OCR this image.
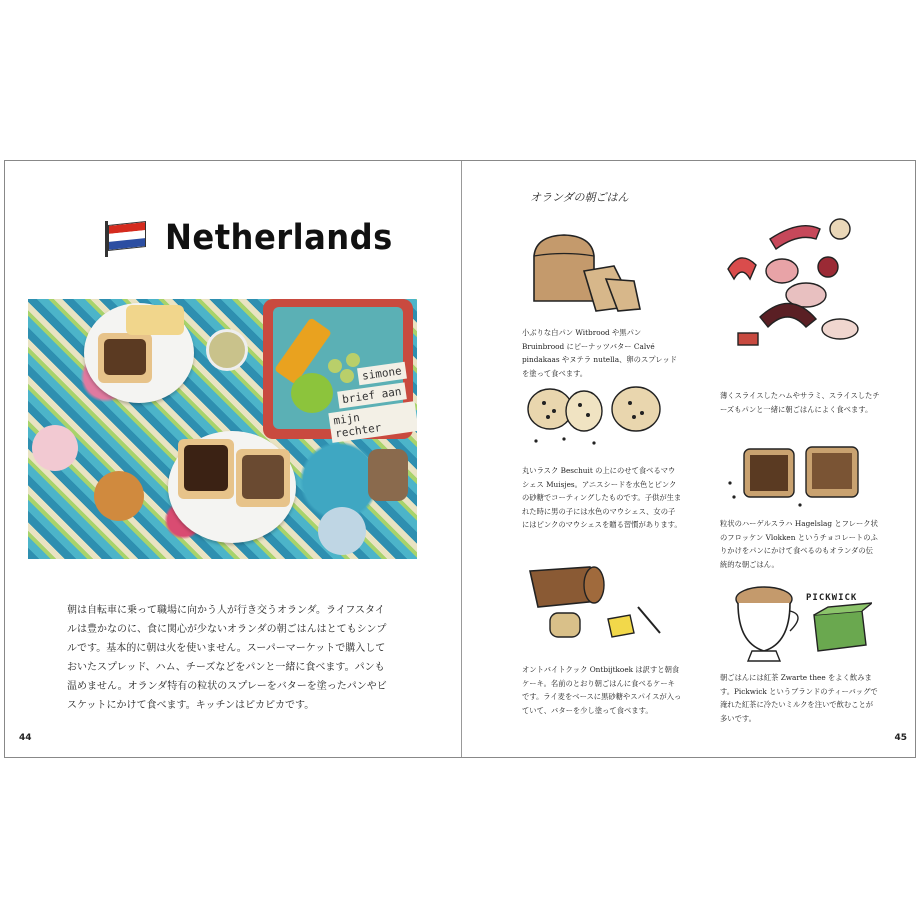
Netherlands
simone
brief aan
mijn rechter
朝は自転車に乗って職場に向かう人が行き交うオランダ。ライフスタイルは豊かなのに、食に関心が少ないオランダの朝ごはんはとてもシンプルです。基本的に朝は火を使いません。スーパーマーケットで購入しておいたスプレッド、ハム、チーズなどをパンと一緒に食べます。パンも温めません。オランダ特有の粒状のスプレーをバターを塗ったパンやビスケットにかけて食べます。キッチンはピカピカです。
44
オランダの朝ごはん
小ぶりな白パン Witbrood や黒パン Bruinbrood にピーナッツバター Calvé pindakaas やヌテラ nutella、卵のスプレッドを塗って食べます。
丸いラスク Beschuit の上にのせて食べるマウシェス Muisjes。アニスシードを水色とピンクの砂糖でコーティングしたものです。子供が生まれた時に男の子には水色のマウシェス、女の子にはピンクのマウシェスを贈る習慣があります。
オントバイトクック Ontbijtkoek は訳すと朝食ケーキ。名前のとおり朝ごはんに食べるケーキです。ライ麦をベースに黒砂糖やスパイスが入っていて、バターを少し塗って食べます。
薄くスライスしたハムやサラミ、スライスしたチーズもパンと一緒に朝ごはんによく食べます。
粒状のハーゲルスラハ Hagelslag とフレーク状のフロッケン Vlokken というチョコレートのふりかけをパンにかけて食べるのもオランダの伝統的な朝ごはん。
PICKWICK
朝ごはんには紅茶 Zwarte thee をよく飲みます。Pickwick というブランドのティーバッグで淹れた紅茶に冷たいミルクを注いで飲むことが多いです。
45
